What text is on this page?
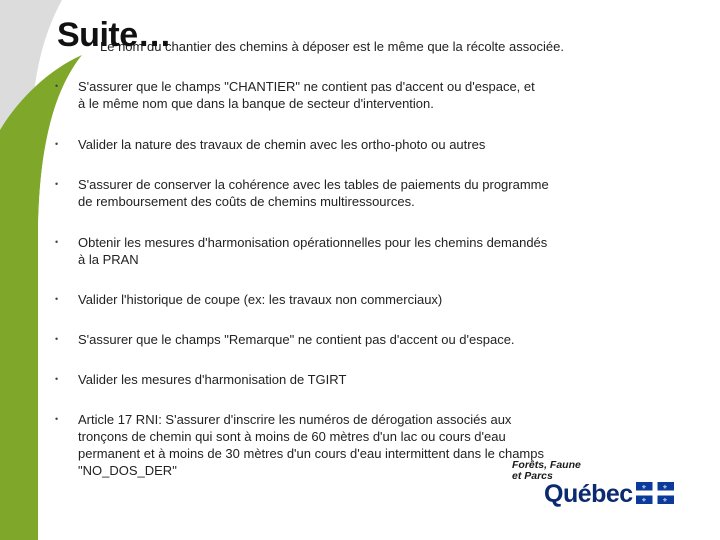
Le nom du chantier des chemins à déposer est le même que la récolte associée.
Suite…
• S'assurer que le champs "CHANTIER" ne contient pas d'accent ou d'espace, et
à le même nom que dans la banque de secteur d'intervention.
• Valider la nature des travaux de chemin avec les ortho-photo ou autres
• S'assurer de conserver la cohérence avec les tables de paiements du programme
de remboursement des coûts de chemins multiressources.
• Obtenir les mesures d'harmonisation opérationnelles pour les chemins demandés
à la PRAN
• Valider l'historique de coupe (ex: les travaux non commerciaux)
• S'assurer que le champs "Remarque" ne contient pas d'accent ou d'espace.
• Valider les mesures d'harmonisation de TGIRT
• Article 17 RNI: S'assurer d'inscrire les numéros de dérogation associés aux
tronçons de chemin qui sont à moins de 60 mètres d'un lac ou cours d'eau
permanent et à moins de 30 mètres d'un cours d'eau intermittent dans le champs
"NO_DOS_DER"	Forêts, Faune
et Parcs
Québec ⚜	⚜
⚜	⚜
